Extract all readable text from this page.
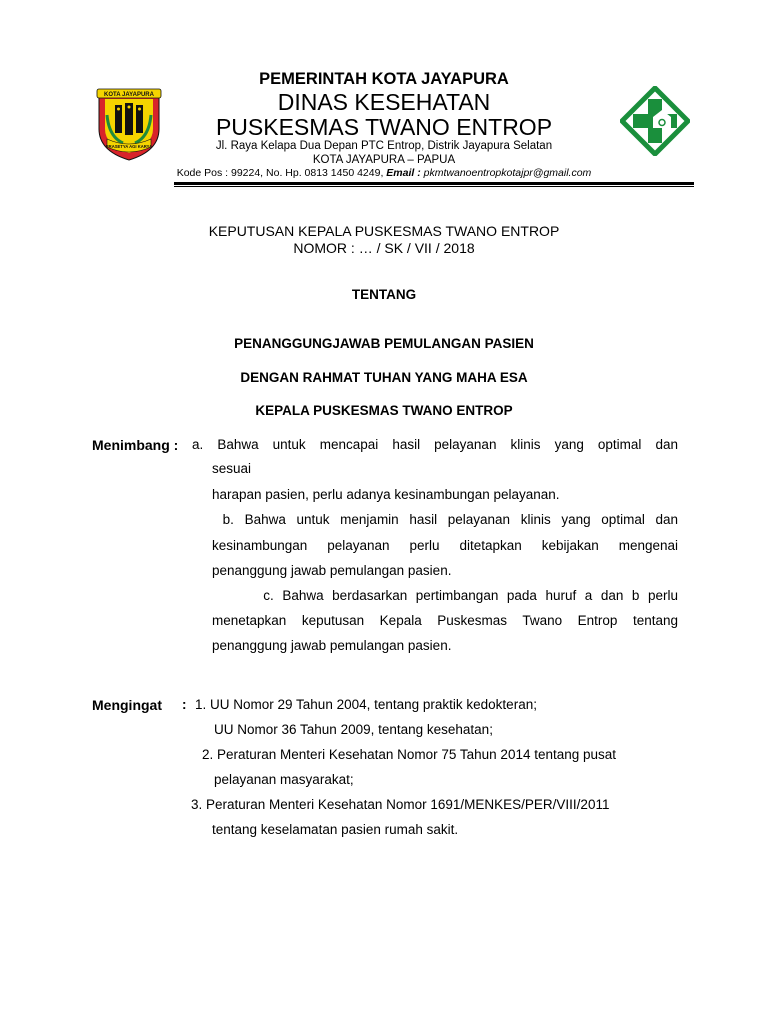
KOTA JAYAPURA
PRASETYA AGI KARYA
PEMERINTAH KOTA JAYAPURA
DINAS KESEHATAN
PUSKESMAS TWANO ENTROP
Jl. Raya Kelapa Dua Depan PTC Entrop, Distrik Jayapura Selatan
KOTA JAYAPURA – PAPUA
Kode Pos : 99224, No. Hp. 0813 1450 4249, Email : pkmtwanoentropkotajpr@gmail.com
KEPUTUSAN KEPALA PUSKESMAS TWANO ENTROP
NOMOR : … / SK / VII / 2018
TENTANG
PENANGGUNGJAWAB PEMULANGAN PASIEN
DENGAN RAHMAT TUHAN YANG MAHA ESA
KEPALA PUSKESMAS TWANO ENTROP
Menimbang : a. Bahwa untuk mencapai hasil pelayanan klinis yang optimal dan
sesuai
harapan pasien, perlu adanya kesinambungan pelayanan.
b. Bahwa untuk menjamin hasil pelayanan klinis yang optimal dan
kesinambungan pelayanan perlu ditetapkan kebijakan mengenai
penanggung jawab pemulangan pasien.
c. Bahwa berdasarkan pertimbangan pada huruf a dan b perlu
menetapkan keputusan Kepala Puskesmas Twano Entrop tentang
penanggung jawab pemulangan pasien.
Mengingat : 1. UU Nomor 29 Tahun 2004, tentang praktik kedokteran;
UU Nomor 36 Tahun 2009, tentang kesehatan;
2. Peraturan Menteri Kesehatan Nomor 75 Tahun 2014 tentang pusat
pelayanan masyarakat;
3. Peraturan Menteri Kesehatan Nomor 1691/MENKES/PER/VIII/2011
tentang keselamatan pasien rumah sakit.
